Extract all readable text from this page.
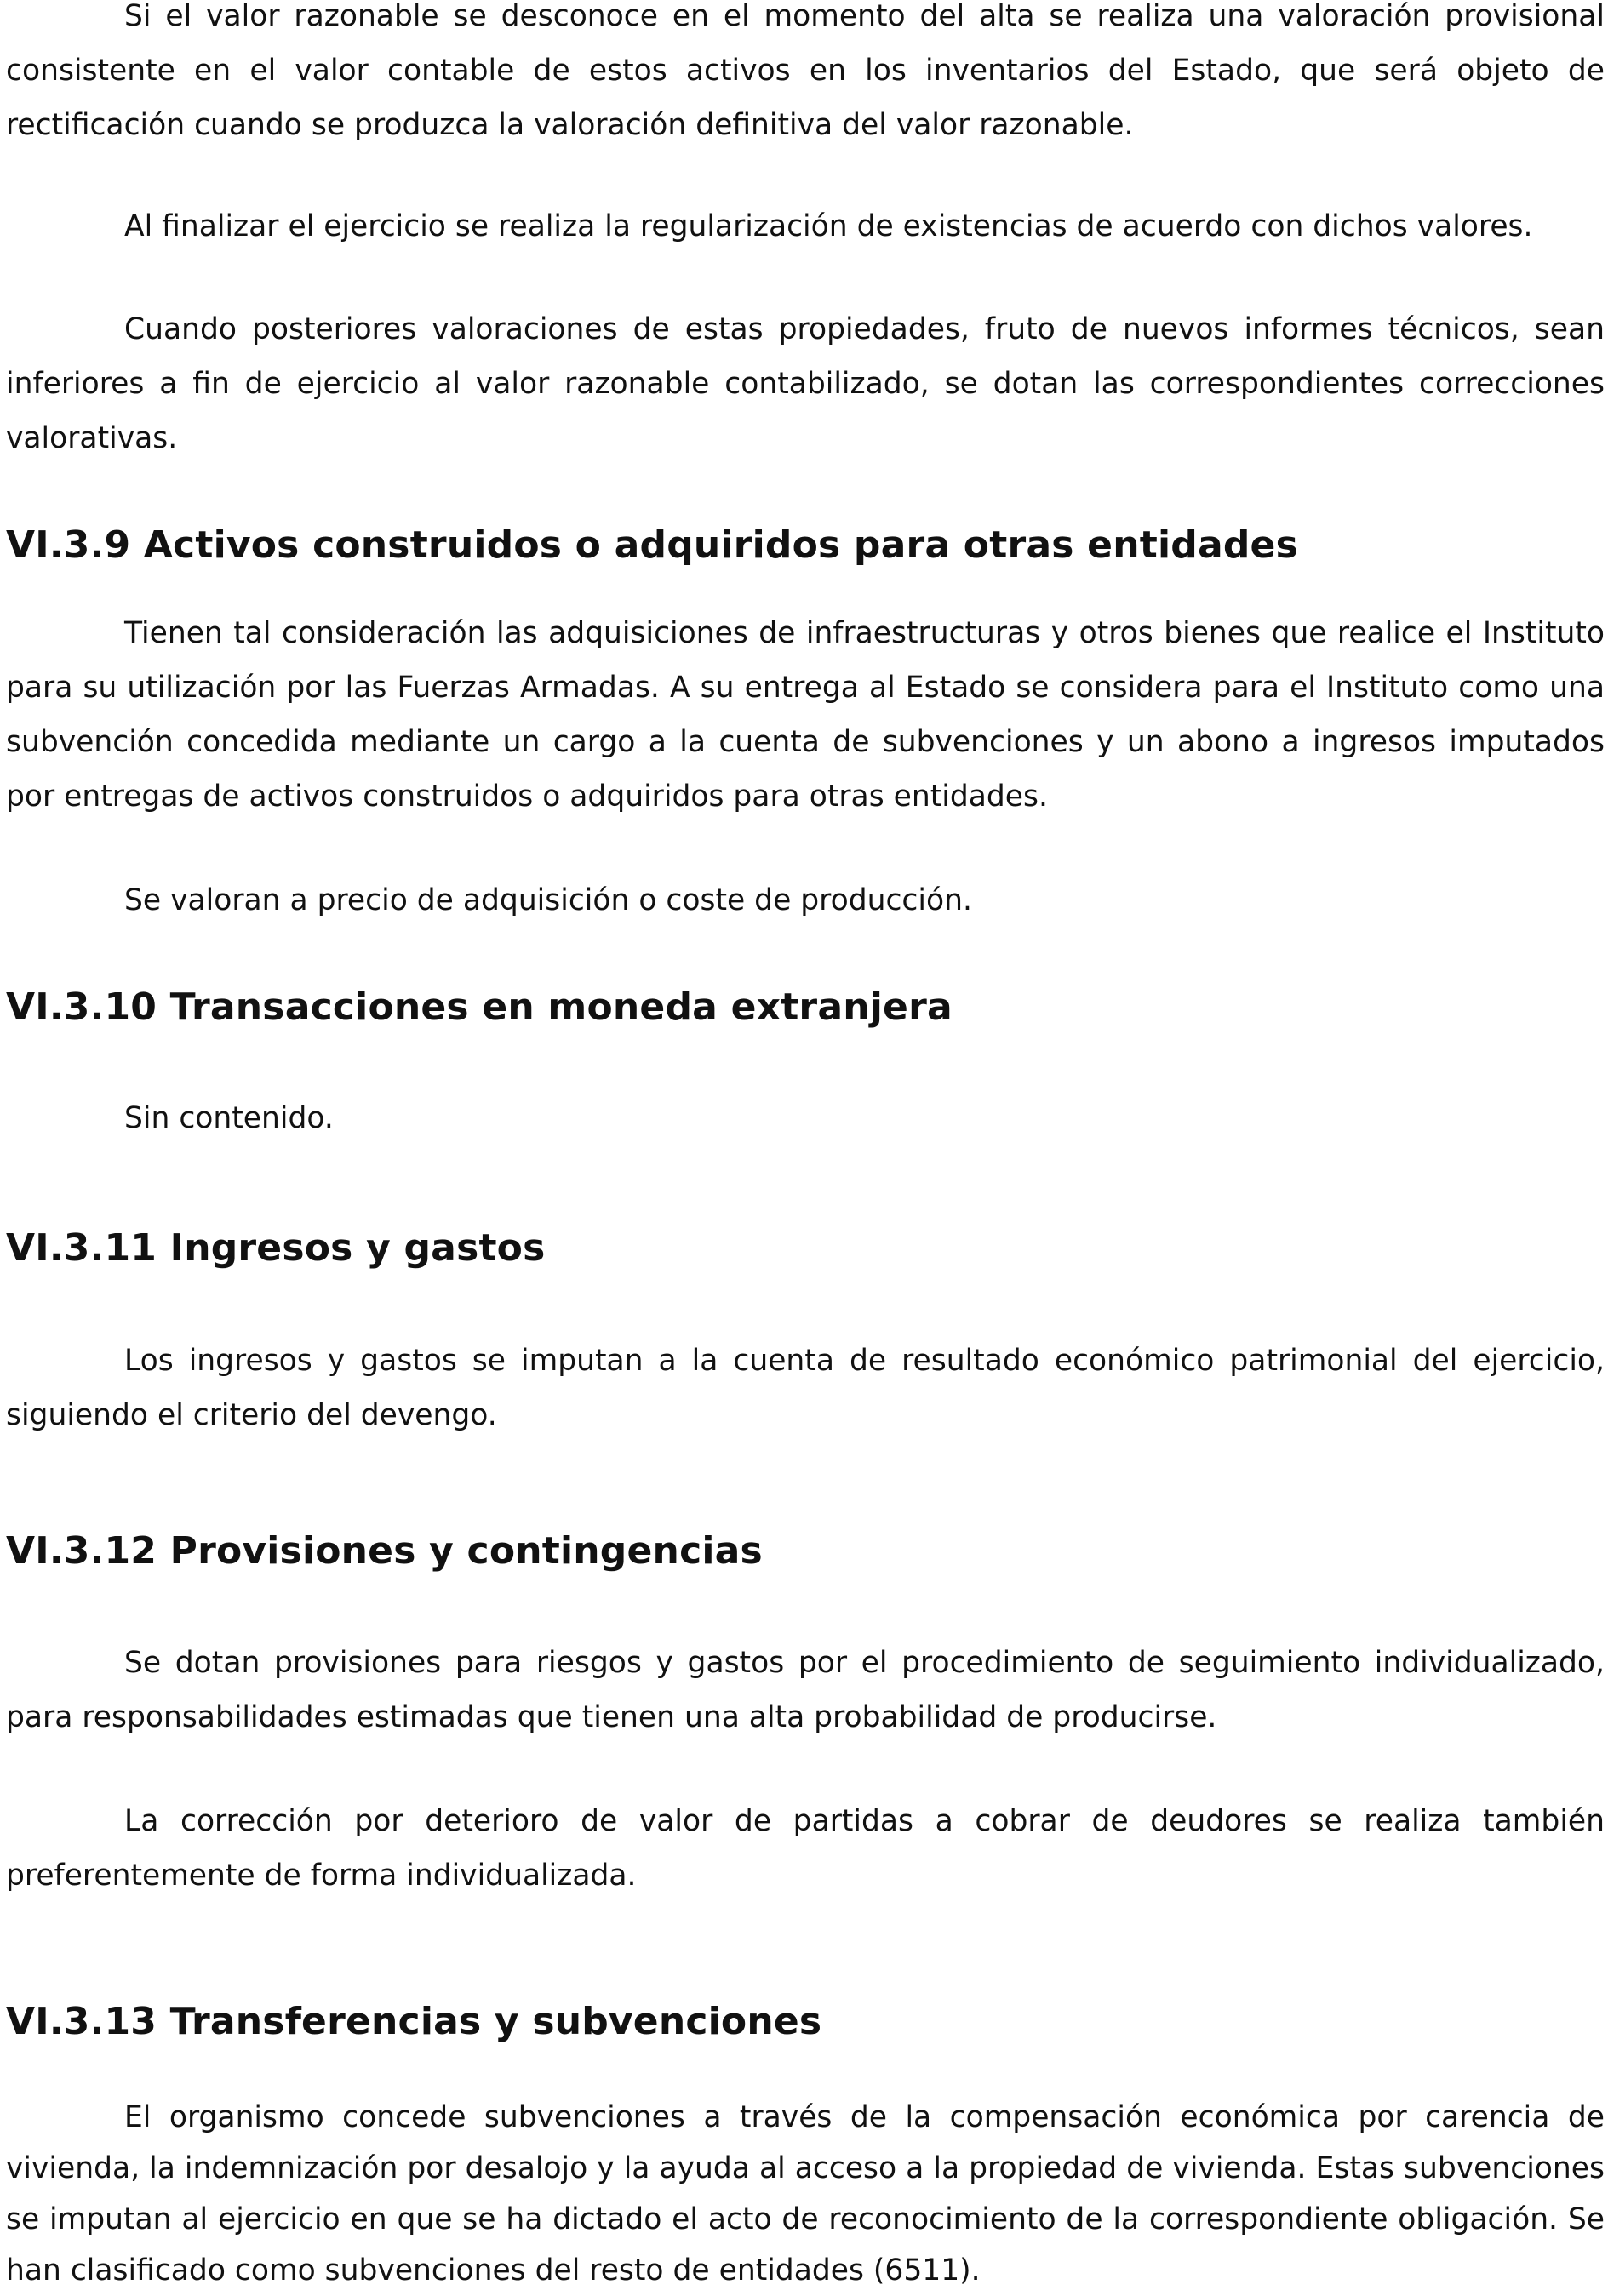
Si el valor razonable se desconoce en el momento del alta se realiza una valoración provisional consistente en el valor contable de estos activos en los inventarios del Estado, que será objeto de rectificación cuando se produzca la valoración definitiva del valor razonable.

Al finalizar el ejercicio se realiza la regularización de existencias de acuerdo con dichos valores.

Cuando posteriores valoraciones de estas propiedades, fruto de nuevos informes técnicos, sean inferiores a fin de ejercicio al valor razonable contabilizado, se dotan las correspondientes correcciones valorativas.

VI.3.9 Activos construidos o adquiridos para otras entidades

Tienen tal consideración las adquisiciones de infraestructuras y otros bienes que realice el Instituto para su utilización por las Fuerzas Armadas. A su entrega al Estado se considera para el Instituto como una subvención concedida mediante un cargo a la cuenta de subvenciones y un abono a ingresos imputados por entregas de activos construidos o adquiridos para otras entidades.

Se valoran a precio de adquisición o coste de producción.

VI.3.10 Transacciones en moneda extranjera

Sin contenido.

VI.3.11 Ingresos y gastos

Los ingresos y gastos se imputan a la cuenta de resultado económico patrimonial del ejercicio, siguiendo el criterio del devengo.

VI.3.12 Provisiones y contingencias

Se dotan provisiones para riesgos y gastos por el procedimiento de seguimiento individualizado, para responsabilidades estimadas que tienen una alta probabilidad de producirse.

La corrección por deterioro de valor de partidas a cobrar de deudores se realiza también preferentemente de forma individualizada.

VI.3.13 Transferencias y subvenciones

El organismo concede subvenciones a través de la compensación económica por carencia de vivienda, la indemnización por desalojo y la ayuda al acceso a la propiedad de vivienda. Estas subvenciones se imputan al ejercicio en que se ha dictado el acto de reconocimiento de la correspondiente obligación. Se han clasificado como subvenciones del resto de entidades (6511).
